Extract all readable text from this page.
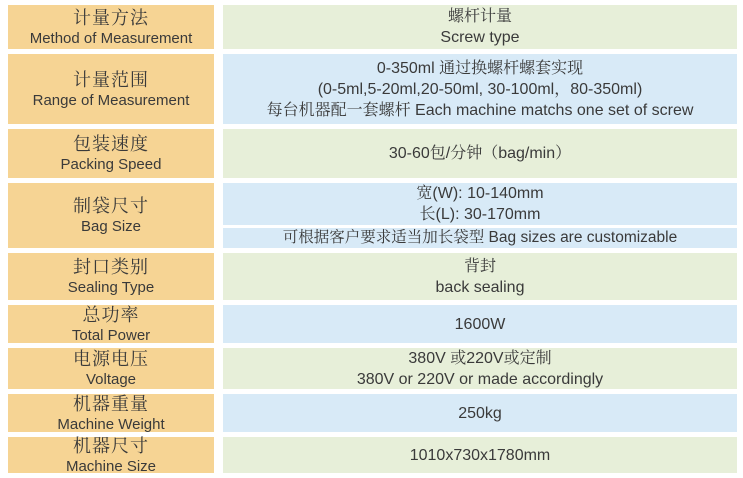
计量方法
Method of Measurement
螺杆计量
Screw type
计量范围
Range of Measurement
0-350ml 通过换螺杆螺套实现
(0-5ml,5-20ml,20-50ml, 30-100ml，80-350ml)
每台机器配一套螺杆 Each machine matchs one set of screw
包装速度
Packing Speed
30-60包/分钟（bag/min）
制袋尺寸
Bag Size
宽(W): 10-140mm
长(L): 30-170mm
可根据客户要求适当加长袋型 Bag sizes are customizable
封口类别
Sealing Type
背封
back sealing
总功率
Total Power
1600W
电源电压
Voltage
380V 或220V或定制
380V or 220V or made accordingly
机器重量
Machine Weight
250kg
机器尺寸
Machine Size
1010x730x1780mm
